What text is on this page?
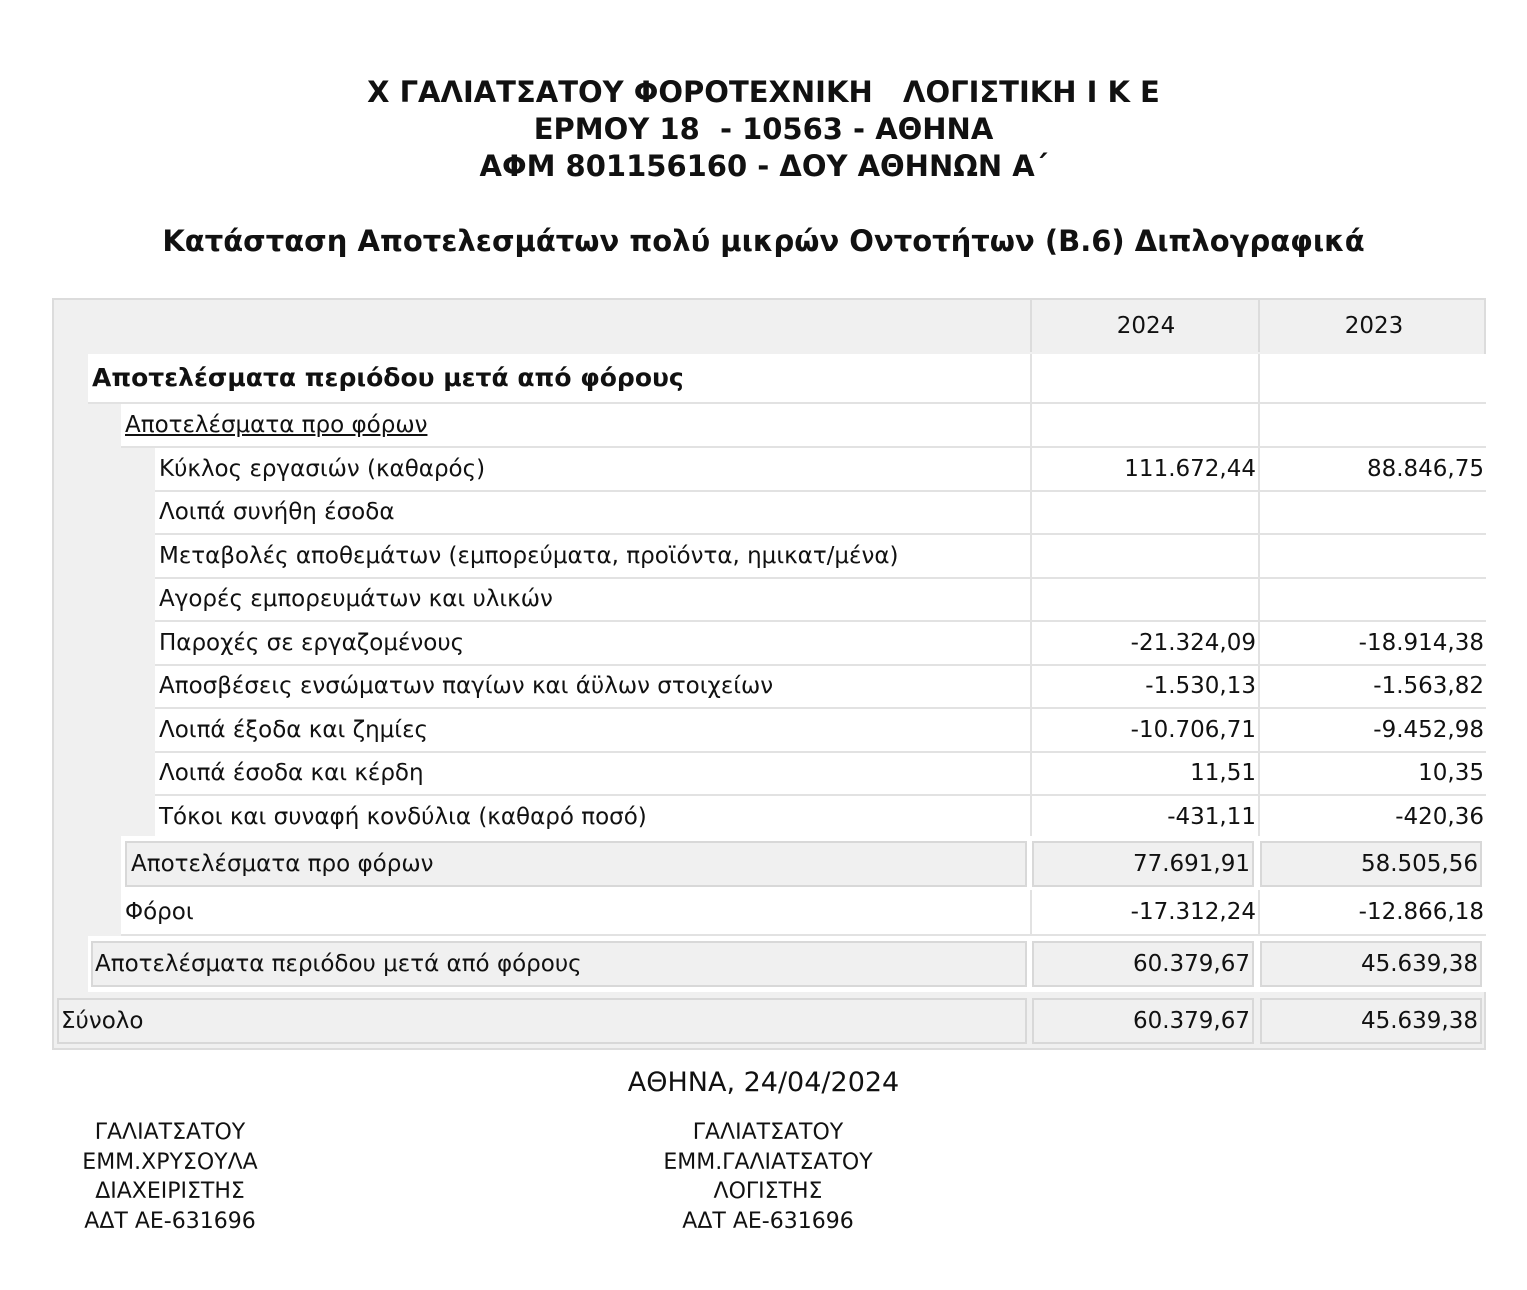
Χ ΓΑΛΙΑΤΣΑΤΟΥ ΦΟΡΟΤΕΧΝΙΚΗ   ΛΟΓΙΣΤΙΚΗ Ι Κ Ε
ΕΡΜΟΥ 18  - 10563 - ΑΘΗΝΑ
ΑΦΜ 801156160 - ΔΟΥ ΑΘΗΝΩΝ Α΄
Κατάσταση Αποτελεσμάτων πολύ μικρών Οντοτήτων (Β.6) Διπλογραφικά
2024	2023
Αποτελέσματα περιόδου μετά από φόρους
Αποτελέσματα προ φόρων
Κύκλος εργασιών (καθαρός)	111.672,44	88.846,75
Λοιπά συνήθη έσοδα
Μεταβολές αποθεμάτων (εμπορεύματα, προϊόντα, ημικατ/μένα)
Αγορές εμπορευμάτων και υλικών
Παροχές σε εργαζομένους	-21.324,09	-18.914,38
Αποσβέσεις ενσώματων παγίων και άϋλων στοιχείων	-1.530,13	-1.563,82
Λοιπά έξοδα και ζημίες	-10.706,71	-9.452,98
Λοιπά έσοδα και κέρδη	11,51	10,35
Τόκοι και συναφή κονδύλια (καθαρό ποσό)	-431,11	-420,36
Αποτελέσματα προ φόρων	77.691,91	58.505,56
Φόροι	-17.312,24	-12.866,18
Αποτελέσματα περιόδου μετά από φόρους	60.379,67	45.639,38
Σύνολο	60.379,67	45.639,38
ΑΘΗΝΑ, 24/04/2024
ΓΑΛΙΑΤΣΑΤΟΥ
ΕΜΜ.ΧΡΥΣΟΥΛΑ
ΔΙΑΧΕΙΡΙΣΤΗΣ
ΑΔΤ ΑΕ-631696
ΓΑΛΙΑΤΣΑΤΟΥ
ΕΜΜ.ΓΑΛΙΑΤΣΑΤΟΥ
ΛΟΓΙΣΤΗΣ
ΑΔΤ ΑΕ-631696
